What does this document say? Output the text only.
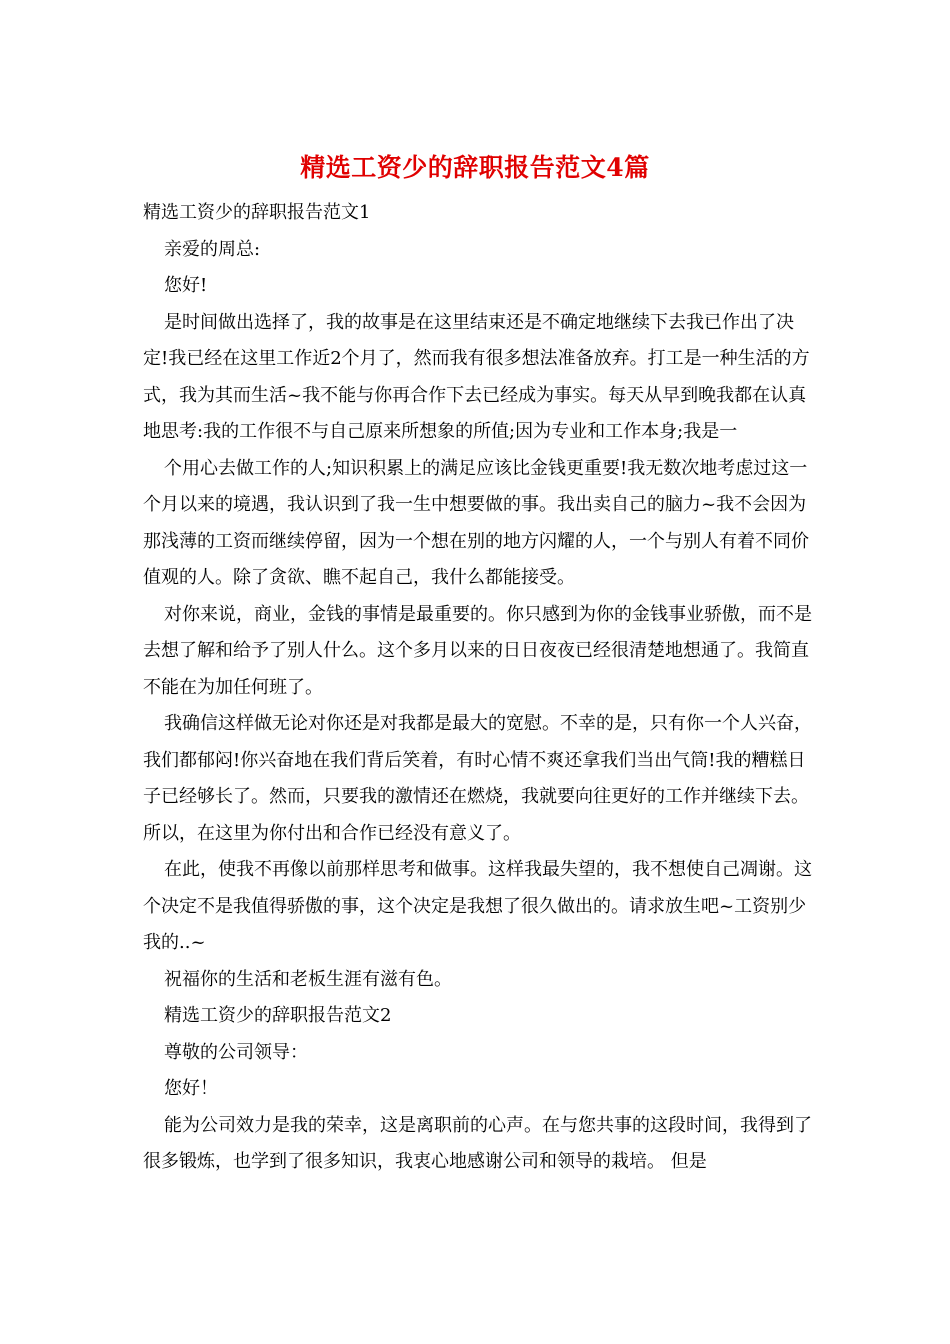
精选工资少的辞职报告范文4篇

精选工资少的辞职报告范文1

亲爱的周总:

您好!

是时间做出选择了，我的故事是在这里结束还是不确定地继续下去我已作出了决定!我已经在这里工作近2个月了，然而我有很多想法准备放弃。打工是一种生活的方式，我为其而生活~我不能与你再合作下去已经成为事实。每天从早到晚我都在认真地思考:我的工作很不与自己原来所想象的所值;因为专业和工作本身;我是一

个用心去做工作的人;知识积累上的满足应该比金钱更重要!我无数次地考虑过这一个月以来的境遇，我认识到了我一生中想要做的事。我出卖自己的脑力~我不会因为那浅薄的工资而继续停留，因为一个想在别的地方闪耀的人，一个与别人有着不同价值观的人。除了贪欲、瞧不起自己，我什么都能接受。

对你来说，商业，金钱的事情是最重要的。你只感到为你的金钱事业骄傲，而不是去想了解和给予了别人什么。这个多月以来的日日夜夜已经很清楚地想通了。我简直不能在为加任何班了。

我确信这样做无论对你还是对我都是最大的宽慰。不幸的是，只有你一个人兴奋，我们都郁闷!你兴奋地在我们背后笑着，有时心情不爽还拿我们当出气筒!我的糟糕日子已经够长了。然而，只要我的激情还在燃烧，我就要向往更好的工作并继续下去。所以，在这里为你付出和合作已经没有意义了。

在此，使我不再像以前那样思考和做事。这样我最失望的，我不想使自己凋谢。这个决定不是我值得骄傲的事，这个决定是我想了很久做出的。请求放生吧~工资别少我的..~

祝福你的生活和老板生涯有滋有色。

精选工资少的辞职报告范文2

尊敬的公司领导：

您好！

能为公司效力是我的荣幸，这是离职前的心声。在与您共事的这段时间，我得到了很多锻炼，也学到了很多知识，我衷心地感谢公司和领导的栽培。 但是
